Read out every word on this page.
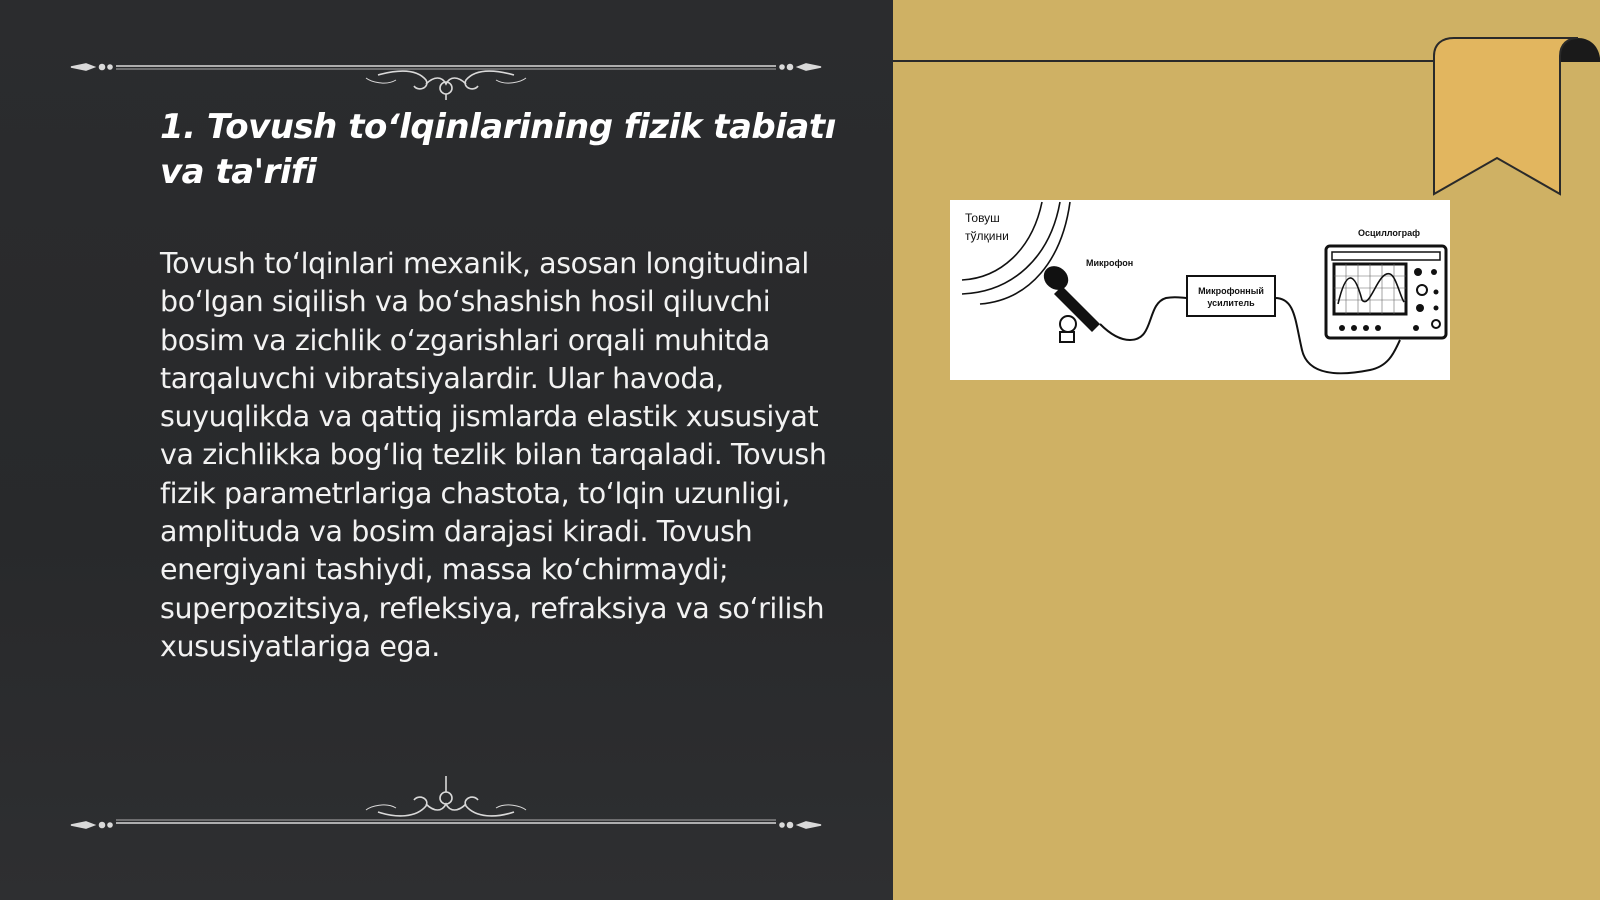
1. Tovush to‘lqinlarining fizik tabiatı va ta'rifi
Tovush to‘lqinlari mexanik, asosan longitudinal bo‘lgan siqilish va bo‘shashish hosil qiluvchi bosim va zichlik o‘zgarishlari orqali muhitda tarqaluvchi vibratsiyalardir. Ular havoda, suyuqlikda va qattiq jismlarda elastik xususiyat va zichlikka bog‘liq tezlik bilan tarqaladi. Tovush fizik parametrlariga chastota, to‘lqin uzunligi, amplituda va bosim darajasi kiradi. Tovush energiyani tashiydi, massa ko‘chirmaydi; superpozitsiya, refleksiya, refraksiya va so‘rilish xususiyatlariga ega.
Товуш
тўлқини
Микрофон
Микрофонный
усилитель
Осциллограф
